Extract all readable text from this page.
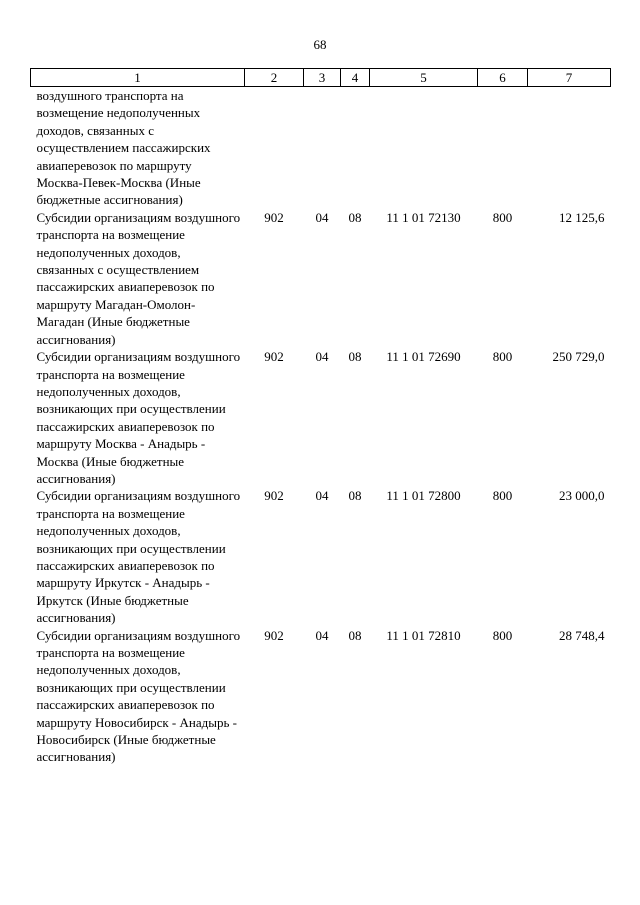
68
1	2	3	4	5	6	7
воздушного транспорта на возмещение недополученных доходов, связанных с осуществлением пассажирских авиаперевозок по маршруту Москва-Певек-Москва (Иные бюджетные ассигнования)						
Субсидии организациям воздушного транспорта на возмещение недополученных доходов, связанных с осуществлением пассажирских авиаперевозок по маршруту Магадан-Омолон-Магадан (Иные бюджетные ассигнования)	902	04	08	11 1 01 72130	800	12 125,6
Субсидии организациям воздушного транспорта на возмещение недополученных доходов, возникающих при осуществлении пассажирских авиаперевозок по маршруту Москва - Анадырь - Москва (Иные бюджетные ассигнования)	902	04	08	11 1 01 72690	800	250 729,0
Субсидии организациям воздушного транспорта на возмещение недополученных доходов, возникающих при осуществлении пассажирских авиаперевозок по маршруту Иркутск - Анадырь - Иркутск (Иные бюджетные ассигнования)	902	04	08	11 1 01 72800	800	23 000,0
Субсидии организациям воздушного транспорта на возмещение недополученных доходов, возникающих при осуществлении пассажирских авиаперевозок по маршруту Новосибирск - Анадырь - Новосибирск (Иные бюджетные ассигнования)	902	04	08	11 1 01 72810	800	28 748,4
